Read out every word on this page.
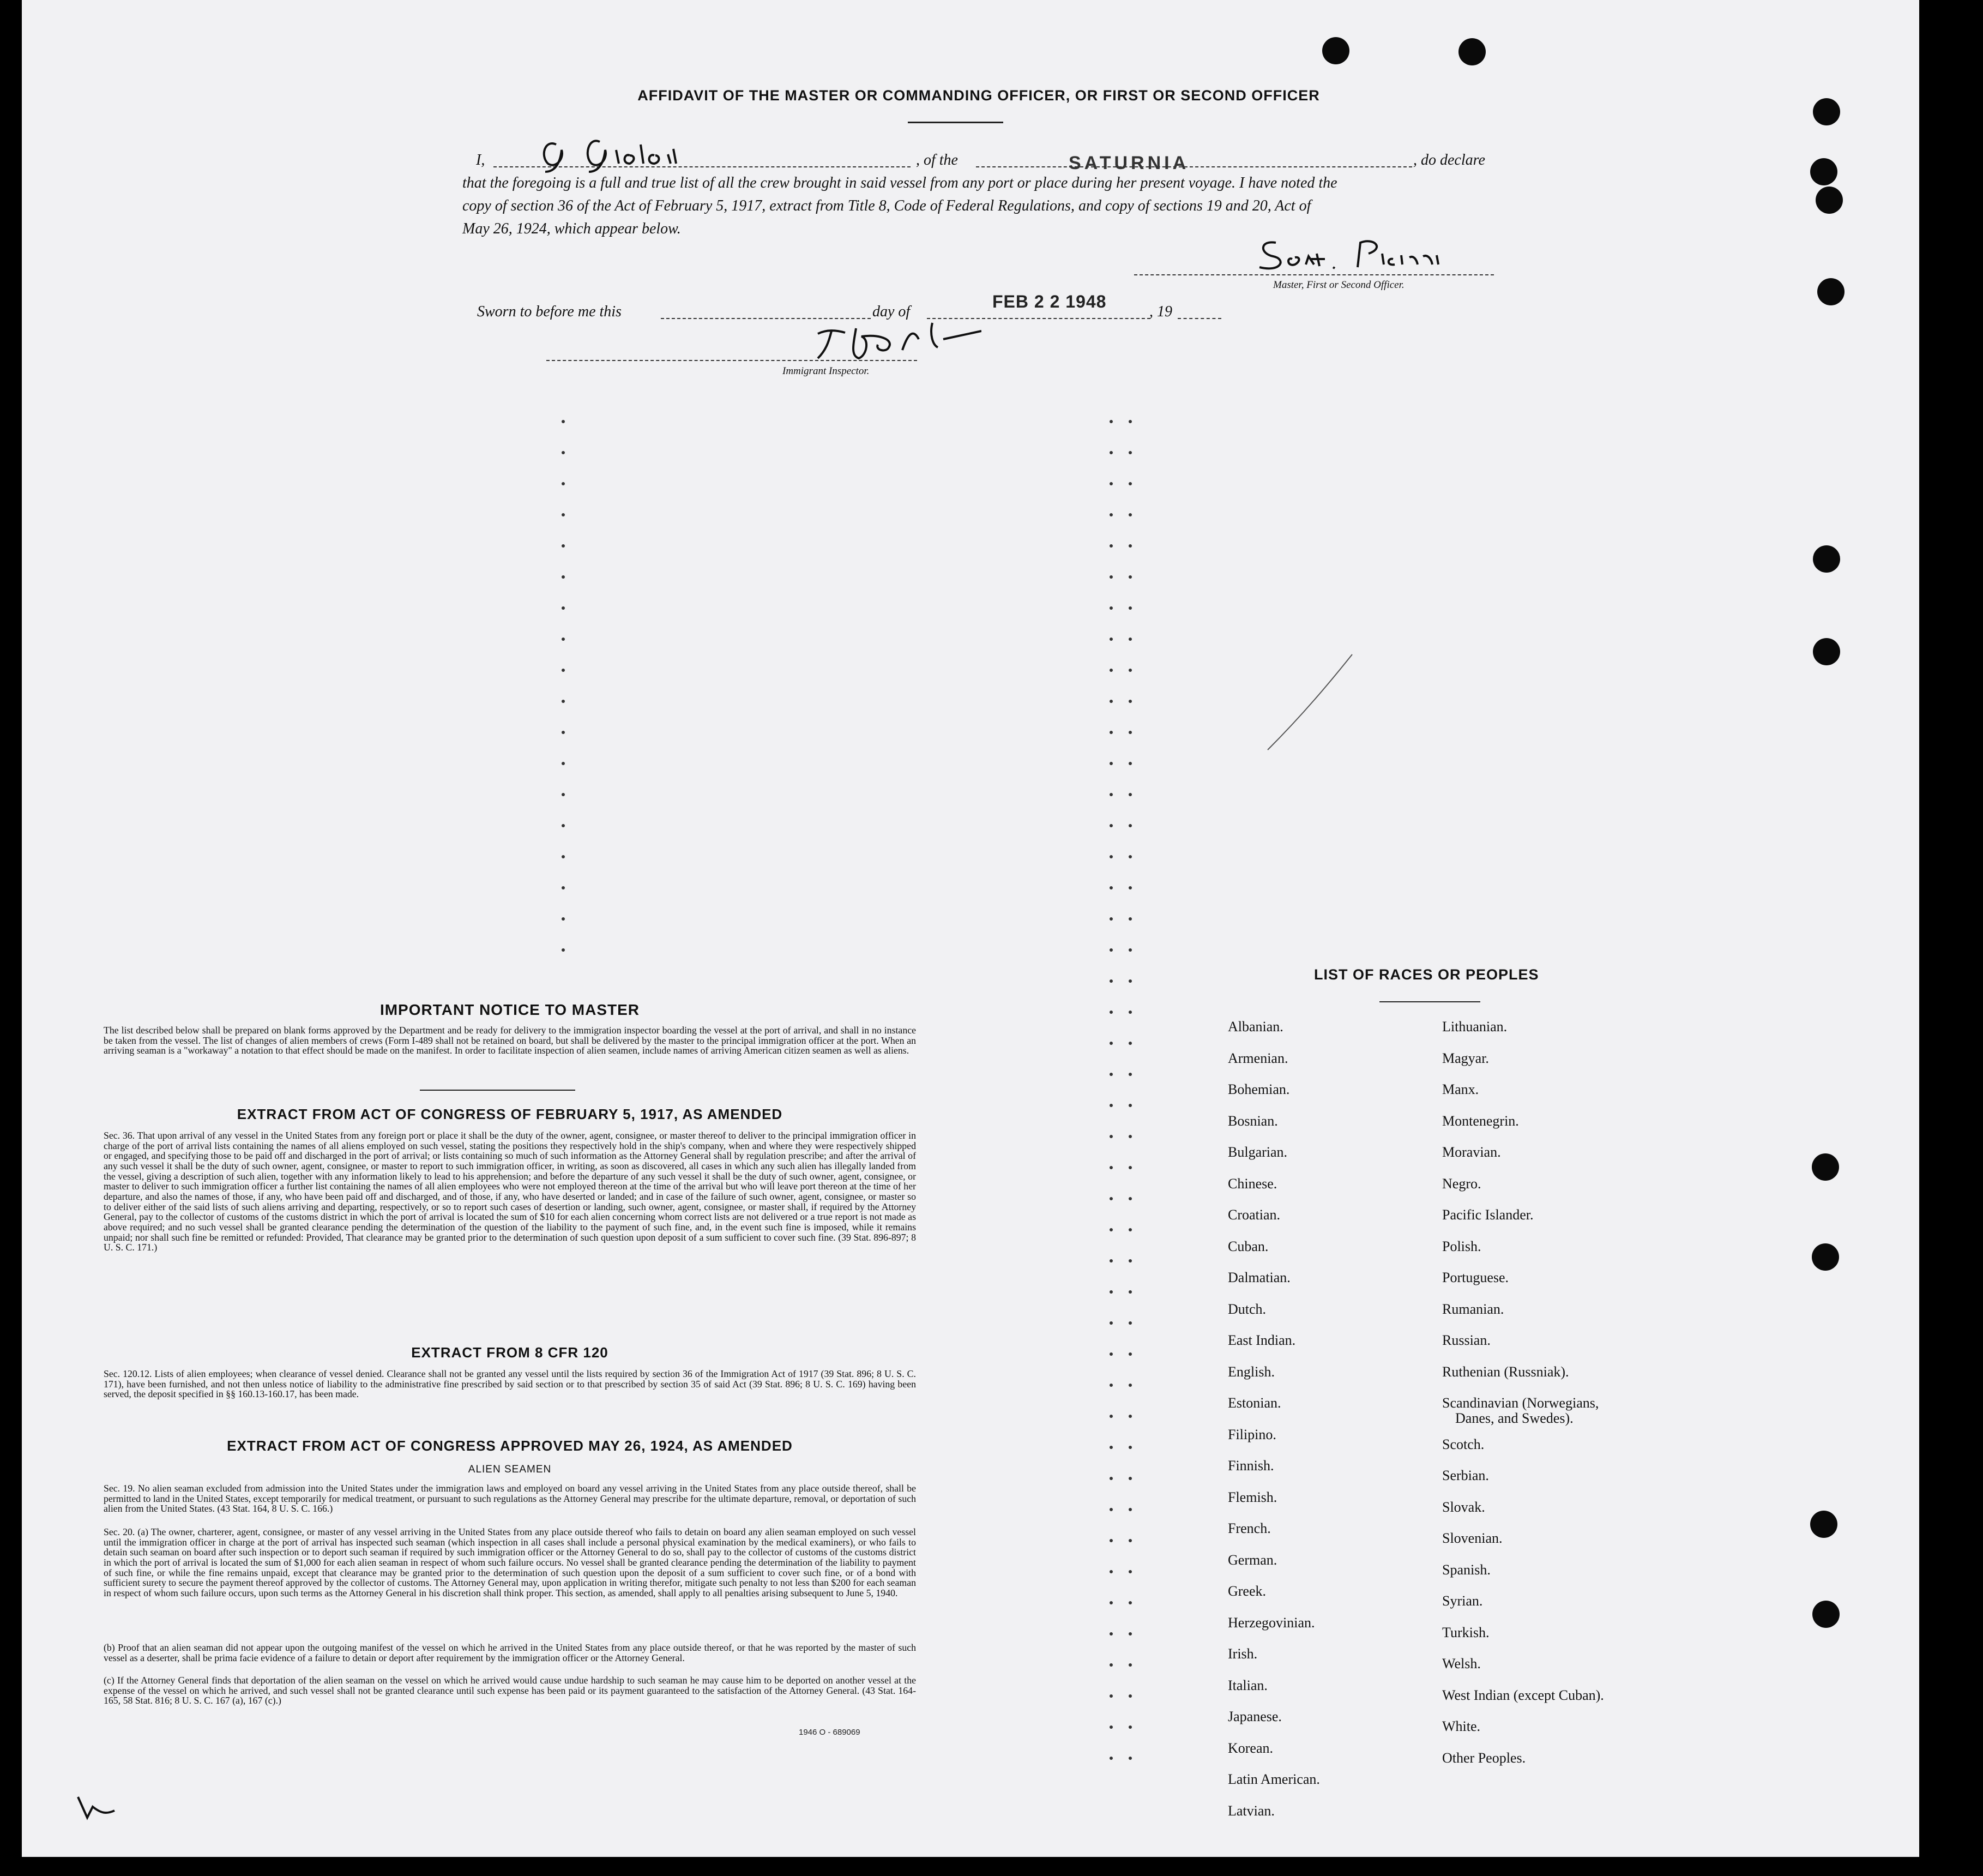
AFFIDAVIT OF THE MASTER OR COMMANDING OFFICER, OR FIRST OR SECOND OFFICER
I,	, of the	SATURNIA	, do declare
that the foregoing is a full and true list of all the crew brought in said vessel from any port or place during her present voyage. I have noted the
copy of section 36 of the Act of February 5, 1917, extract from Title 8, Code of Federal Regulations, and copy of sections 19 and 20, Act of
May 26, 1924, which appear below.
Master, First or Second Officer.
Sworn to before me this	day of
FEB 2 2 1948
, 19
Immigrant Inspector.
IMPORTANT NOTICE TO MASTER
The list described below shall be prepared on blank forms approved by the Department and be ready for delivery to the immigration inspector boarding the vessel at the port of arrival, and shall in no instance be taken from the vessel. The list of changes of alien members of crews (Form I-489 shall not be retained on board, but shall be delivered by the master to the principal immigration officer at the port. When an arriving seaman is a "workaway" a notation to that effect should be made on the manifest. In order to facilitate inspection of alien seamen, include names of arriving American citizen seamen as well as aliens.
EXTRACT FROM ACT OF CONGRESS OF FEBRUARY 5, 1917, AS AMENDED
Sec. 36. That upon arrival of any vessel in the United States from any foreign port or place it shall be the duty of the owner, agent, consignee, or master thereof to deliver to the principal immigration officer in charge of the port of arrival lists containing the names of all aliens employed on such vessel, stating the positions they respectively hold in the ship's company, when and where they were respectively shipped or engaged, and specifying those to be paid off and discharged in the port of arrival; or lists containing so much of such information as the Attorney General shall by regulation prescribe; and after the arrival of any such vessel it shall be the duty of such owner, agent, consignee, or master to report to such immigration officer, in writing, as soon as discovered, all cases in which any such alien has illegally landed from the vessel, giving a description of such alien, together with any information likely to lead to his apprehension; and before the departure of any such vessel it shall be the duty of such owner, agent, consignee, or master to deliver to such immigration officer a further list containing the names of all alien employees who were not employed thereon at the time of the arrival but who will leave port thereon at the time of her departure, and also the names of those, if any, who have been paid off and discharged, and of those, if any, who have deserted or landed; and in case of the failure of such owner, agent, consignee, or master so to deliver either of the said lists of such aliens arriving and departing, respectively, or so to report such cases of desertion or landing, such owner, agent, consignee, or master shall, if required by the Attorney General, pay to the collector of customs of the customs district in which the port of arrival is located the sum of $10 for each alien concerning whom correct lists are not delivered or a true report is not made as above required; and no such vessel shall be granted clearance pending the determination of the question of the liability to the payment of such fine, and, in the event such fine is imposed, while it remains unpaid; nor shall such fine be remitted or refunded: Provided, That clearance may be granted prior to the determination of such question upon deposit of a sum sufficient to cover such fine. (39 Stat. 896-897; 8 U. S. C. 171.)
EXTRACT FROM 8 CFR 120
Sec. 120.12. Lists of alien employees; when clearance of vessel denied. Clearance shall not be granted any vessel until the lists required by section 36 of the Immigration Act of 1917 (39 Stat. 896; 8 U. S. C. 171), have been furnished, and not then unless notice of liability to the administrative fine prescribed by said section or to that prescribed by section 35 of said Act (39 Stat. 896; 8 U. S. C. 169) having been served, the deposit specified in §§ 160.13-160.17, has been made.
EXTRACT FROM ACT OF CONGRESS APPROVED MAY 26, 1924, AS AMENDED
ALIEN SEAMEN
Sec. 19. No alien seaman excluded from admission into the United States under the immigration laws and employed on board any vessel arriving in the United States from any place outside thereof, shall be permitted to land in the United States, except temporarily for medical treatment, or pursuant to such regulations as the Attorney General may prescribe for the ultimate departure, removal, or deportation of such alien from the United States. (43 Stat. 164, 8 U. S. C. 166.)
Sec. 20. (a) The owner, charterer, agent, consignee, or master of any vessel arriving in the United States from any place outside thereof who fails to detain on board any alien seaman employed on such vessel until the immigration officer in charge at the port of arrival has inspected such seaman (which inspection in all cases shall include a personal physical examination by the medical examiners), or who fails to detain such seaman on board after such inspection or to deport such seaman if required by such immigration officer or the Attorney General to do so, shall pay to the collector of customs of the customs district in which the port of arrival is located the sum of $1,000 for each alien seaman in respect of whom such failure occurs. No vessel shall be granted clearance pending the determination of the liability to payment of such fine, or while the fine remains unpaid, except that clearance may be granted prior to the determination of such question upon the deposit of a sum sufficient to cover such fine, or of a bond with sufficient surety to secure the payment thereof approved by the collector of customs. The Attorney General may, upon application in writing therefor, mitigate such penalty to not less than $200 for each seaman in respect of whom such failure occurs, upon such terms as the Attorney General in his discretion shall think proper. This section, as amended, shall apply to all penalties arising subsequent to June 5, 1940.
(b) Proof that an alien seaman did not appear upon the outgoing manifest of the vessel on which he arrived in the United States from any place outside thereof, or that he was reported by the master of such vessel as a deserter, shall be prima facie evidence of a failure to detain or deport after requirement by the immigration officer or the Attorney General.
(c) If the Attorney General finds that deportation of the alien seaman on the vessel on which he arrived would cause undue hardship to such seaman he may cause him to be deported on another vessel at the expense of the vessel on which he arrived, and such vessel shall not be granted clearance until such expense has been paid or its payment guaranteed to the satisfaction of the Attorney General. (43 Stat. 164-165, 58 Stat. 816; 8 U. S. C. 167 (a), 167 (c).)
1946 O - 689069
LIST OF RACES OR PEOPLES
Albanian.
Armenian.
Bohemian.
Bosnian.
Bulgarian.
Chinese.
Croatian.
Cuban.
Dalmatian.
Dutch.
East Indian.
English.
Estonian.
Filipino.
Finnish.
Flemish.
French.
German.
Greek.
Herzegovinian.
Irish.
Italian.
Japanese.
Korean.
Latin American.
Latvian.
Lithuanian.
Magyar.
Manx.
Montenegrin.
Moravian.
Negro.
Pacific Islander.
Polish.
Portuguese.
Rumanian.
Russian.
Ruthenian (Russniak).
Scandinavian (Norwegians,
Danes, and Swedes).
Scotch.
Serbian.
Slovak.
Slovenian.
Spanish.
Syrian.
Turkish.
Welsh.
West Indian (except Cuban).
White.
Other Peoples.
